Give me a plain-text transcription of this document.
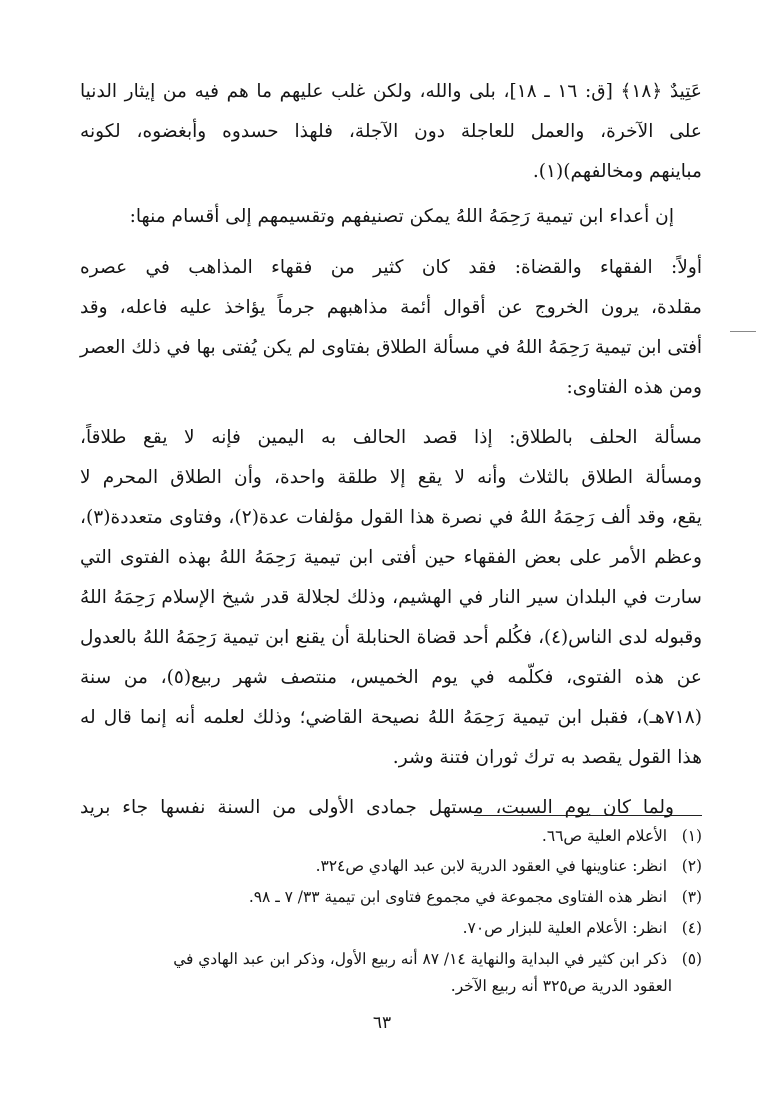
عَتِيدٌ ﴿١٨﴾ [ق: ١٦ ـ ١٨]، بلى والله، ولكن غلب عليهم ما هم فيه من إيثار الدنيا
على الآخرة، والعمل للعاجلة دون الآجلة، فلهذا حسدوه وأبغضوه، لكونه
مباينهم ومخالفهم)(١).
إن أعداء ابن تيمية رَحِمَهُ اللهُ يمكن تصنيفهم وتقسيمهم إلى أقسام منها:
أولاً: الفقهاء والقضاة: فقد كان كثير من فقهاء المذاهب في عصره
مقلدة، يرون الخروج عن أقوال أئمة مذاهبهم جرماً يؤاخذ عليه فاعله، وقد
أفتى ابن تيمية رَحِمَهُ اللهُ في مسألة الطلاق بفتاوى لم يكن يُفتى بها في ذلك العصر
ومن هذه الفتاوى:
مسألة الحلف بالطلاق: إذا قصد الحالف به اليمين فإنه لا يقع طلاقاً،
ومسألة الطلاق بالثلاث وأنه لا يقع إلا طلقة واحدة، وأن الطلاق المحرم لا
يقع، وقد ألف رَحِمَهُ اللهُ في نصرة هذا القول مؤلفات عدة(٢)، وفتاوى متعددة(٣)،
وعظم الأمر على بعض الفقهاء حين أفتى ابن تيمية رَحِمَهُ اللهُ بهذه الفتوى التي
سارت في البلدان سير النار في الهشيم، وذلك لجلالة قدر شيخ الإسلام رَحِمَهُ اللهُ
وقبوله لدى الناس(٤)، فكُلم أحد قضاة الحنابلة أن يقنع ابن تيمية رَحِمَهُ اللهُ بالعدول
عن هذه الفتوى، فكلّمه في يوم الخميس، منتصف شهر ربيع(٥)، من سنة
(٧١٨هـ)، فقبل ابن تيمية رَحِمَهُ اللهُ نصيحة القاضي؛ وذلك لعلمه أنه إنما قال له
هذا القول يقصد به ترك ثوران فتنة وشر.
ولما كان يوم السبت، مستهل جمادى الأولى من السنة نفسها جاء بريد
(١) الأعلام العلية ص٦٦.
(٢) انظر: عناوينها في العقود الدرية لابن عبد الهادي ص٣٢٤.
(٣) انظر هذه الفتاوى مجموعة في مجموع فتاوى ابن تيمية ٣٣/ ٧ ـ ٩٨.
(٤) انظر: الأعلام العلية للبزار ص٧٠.
(٥) ذكر ابن كثير في البداية والنهاية ١٤/ ٨٧ أنه ربيع الأول، وذكر ابن عبد الهادي في
العقود الدرية ص٣٢٥ أنه ربيع الآخر.
٦٣
